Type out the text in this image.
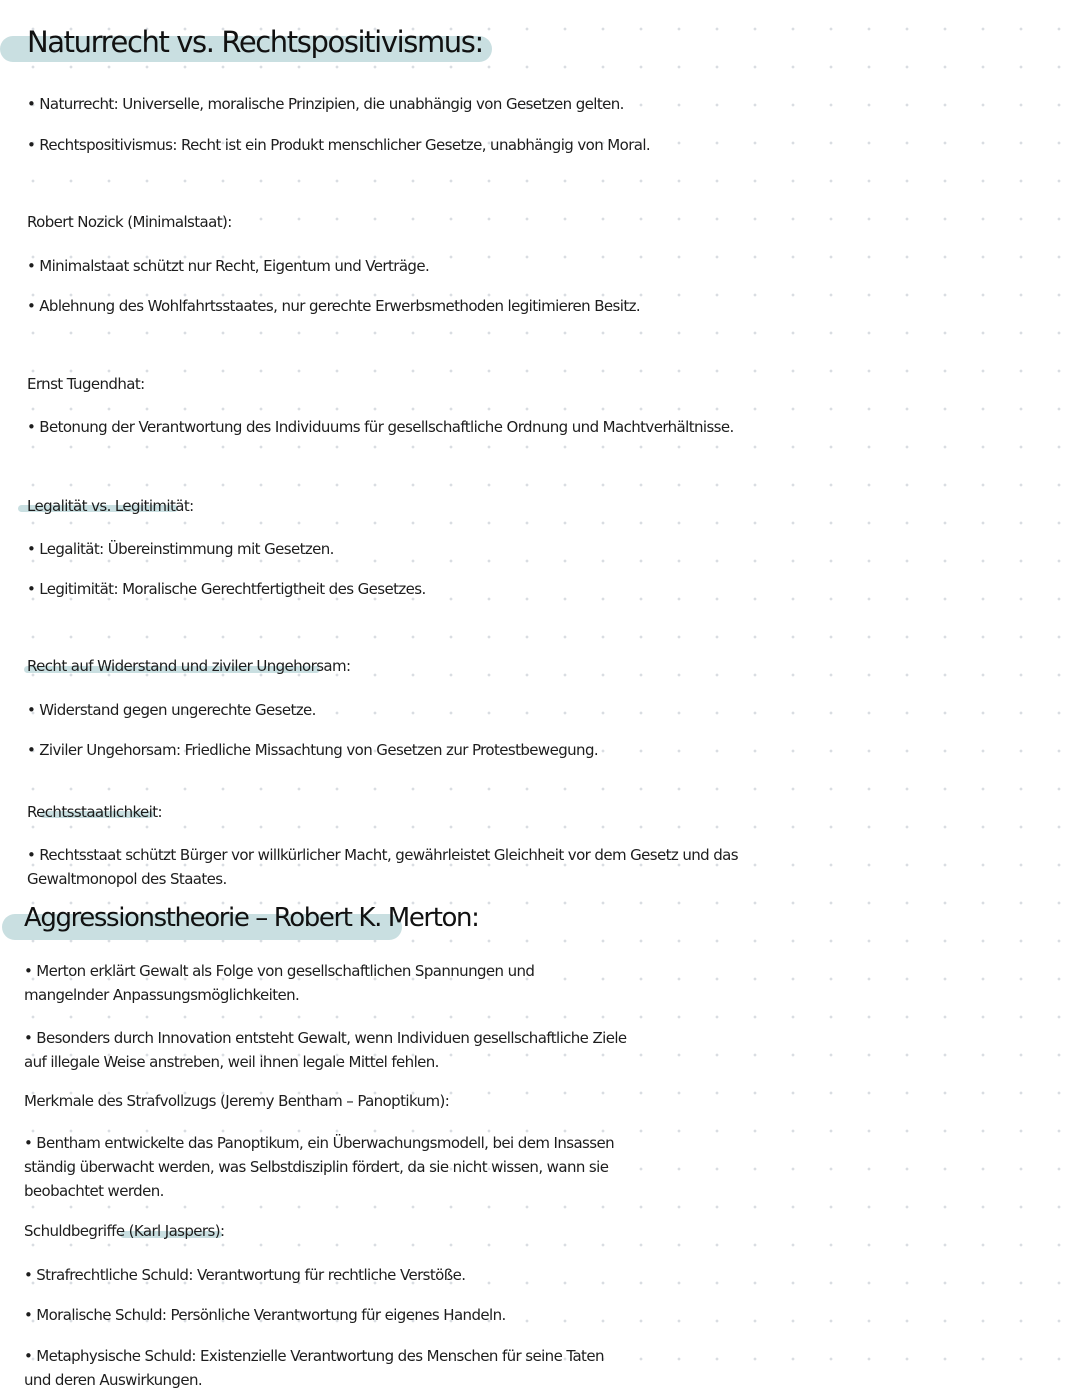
Naturrecht vs. Rechtspositivismus:
• Naturrecht: Universelle, moralische Prinzipien, die unabhängig von Gesetzen gelten.
• Rechtspositivismus: Recht ist ein Produkt menschlicher Gesetze, unabhängig von Moral.
Robert Nozick (Minimalstaat):
• Minimalstaat schützt nur Recht, Eigentum und Verträge.
• Ablehnung des Wohlfahrtsstaates, nur gerechte Erwerbsmethoden legitimieren Besitz.
Ernst Tugendhat:
• Betonung der Verantwortung des Individuums für gesellschaftliche Ordnung und Machtverhältnisse.
Legalität vs. Legitimität:
• Legalität: Übereinstimmung mit Gesetzen.
• Legitimität: Moralische Gerechtfertigtheit des Gesetzes.
Recht auf Widerstand und ziviler Ungehorsam:
• Widerstand gegen ungerechte Gesetze.
• Ziviler Ungehorsam: Friedliche Missachtung von Gesetzen zur Protestbewegung.
Rechtsstaatlichkeit:
• Rechtsstaat schützt Bürger vor willkürlicher Macht, gewährleistet Gleichheit vor dem Gesetz und das Gewaltmonopol des Staates.
Aggressionstheorie – Robert K. Merton:
• Merton erklärt Gewalt als Folge von gesellschaftlichen Spannungen und mangelnder Anpassungsmöglichkeiten.
• Besonders durch Innovation entsteht Gewalt, wenn Individuen gesellschaftliche Ziele auf illegale Weise anstreben, weil ihnen legale Mittel fehlen.
Merkmale des Strafvollzugs (Jeremy Bentham – Panoptikum):
• Bentham entwickelte das Panoptikum, ein Überwachungsmodell, bei dem Insassen ständig überwacht werden, was Selbstdisziplin fördert, da sie nicht wissen, wann sie beobachtet werden.
Schuldbegriffe (Karl Jaspers):
• Strafrechtliche Schuld: Verantwortung für rechtliche Verstöße.
• Moralische Schuld: Persönliche Verantwortung für eigenes Handeln.
• Metaphysische Schuld: Existenzielle Verantwortung des Menschen für seine Taten und deren Auswirkungen.
